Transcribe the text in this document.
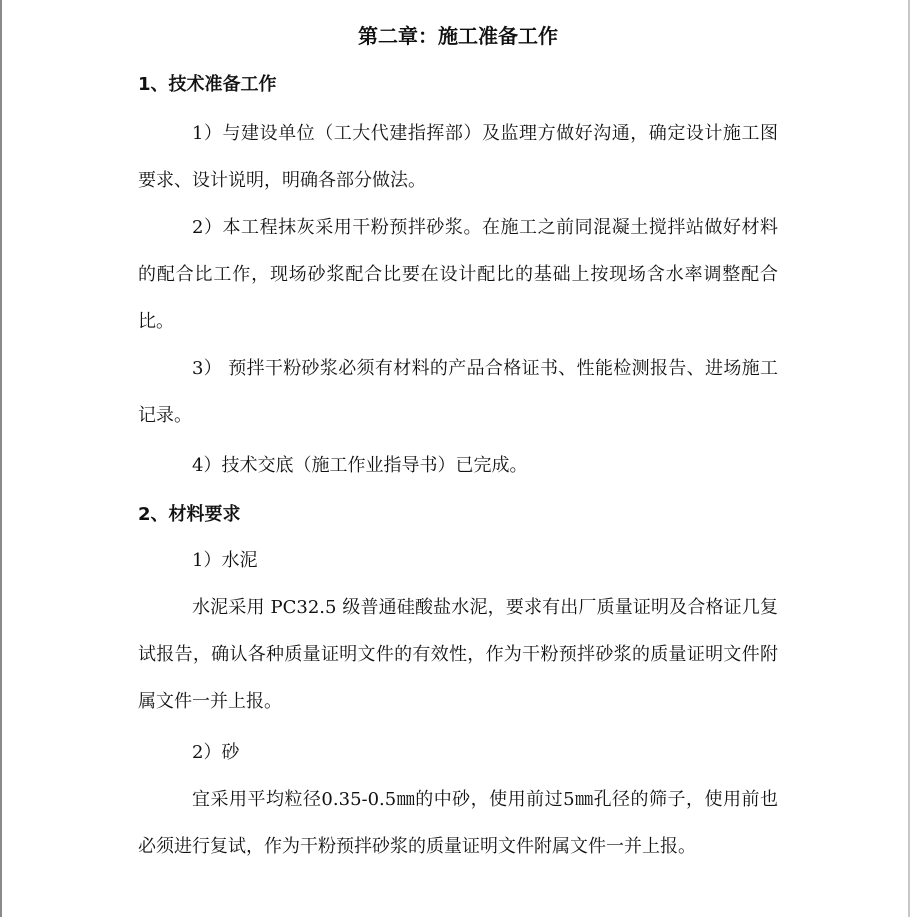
第二章：施工准备工作
1、技术准备工作
1）与建设单位（工大代建指挥部）及监理方做好沟通，确定设计施工图要求、设计说明，明确各部分做法。
2）本工程抹灰采用干粉预拌砂浆。在施工之前同混凝土搅拌站做好材料的配合比工作，现场砂浆配合比要在设计配比的基础上按现场含水率调整配合比。
3） 预拌干粉砂浆必须有材料的产品合格证书、性能检测报告、进场施工记录。
4）技术交底（施工作业指导书）已完成。
2、材料要求
1）水泥
水泥采用 PC32.5 级普通硅酸盐水泥，要求有出厂质量证明及合格证几复试报告，确认各种质量证明文件的有效性，作为干粉预拌砂浆的质量证明文件附属文件一并上报。
2）砂
宜采用平均粒径0.35-0.5㎜的中砂，使用前过5㎜孔径的筛子，使用前也必须进行复试，作为干粉预拌砂浆的质量证明文件附属文件一并上报。
